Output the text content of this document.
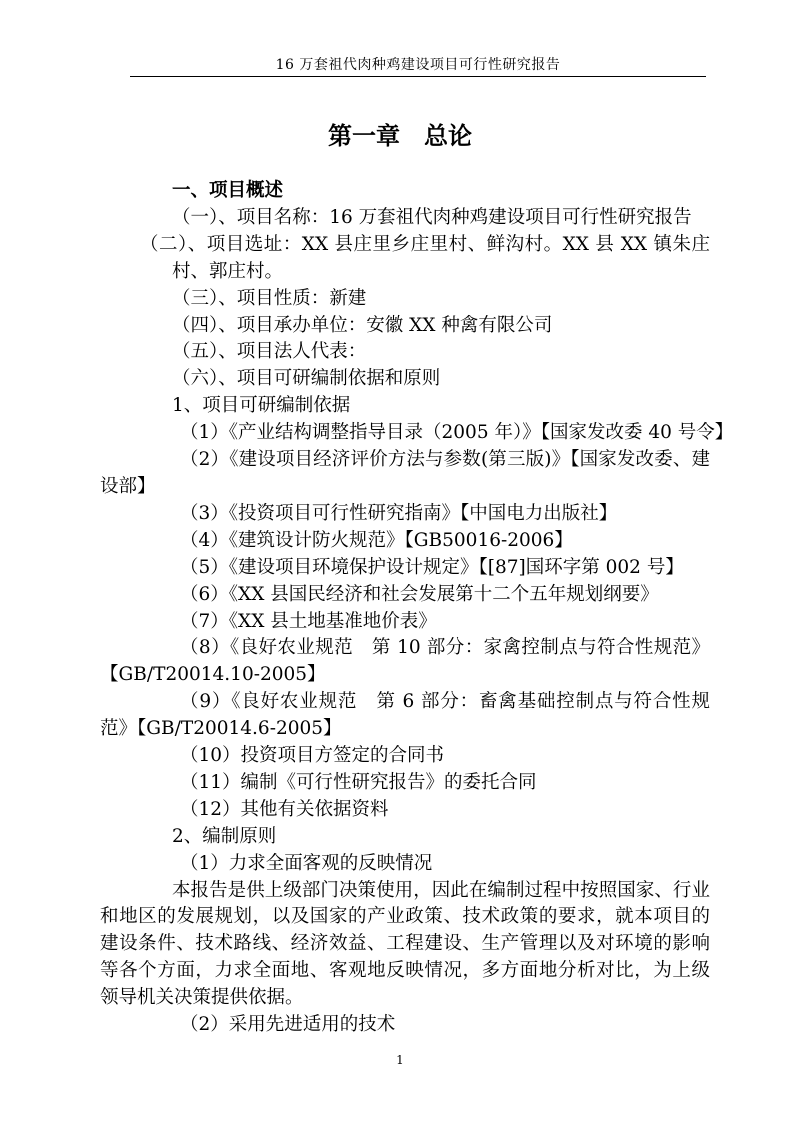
16 万套祖代肉种鸡建设项目可行性研究报告
第一章 总论

一、项目概述

（一）、项目名称：16 万套祖代肉种鸡建设项目可行性研究报告

（二）、项目选址：XX 县庄里乡庄里村、鲜沟村。XX 县 XX 镇朱庄村、郭庄村。

（三）、项目性质：新建

（四）、项目承办单位：安徽 XX 种禽有限公司

（五）、项目法人代表：

（六）、项目可研编制依据和原则

1、项目可研编制依据

（1）《产业结构调整指导目录（2005 年）》【国家发改委 40 号令】

（2）《建设项目经济评价方法与参数(第三版)》【国家发改委、建设部】

（3）《投资项目可行性研究指南》【中国电力出版社】

（4）《建筑设计防火规范》【GB50016-2006】

（5）《建设项目环境保护设计规定》【[87]国环字第 002 号】

（6）《XX 县国民经济和社会发展第十二个五年规划纲要》

（7）《XX 县土地基准地价表》

（8）《良好农业规范　第 10 部分：家禽控制点与符合性规范》【GB/T20014.10-2005】

（9）《良好农业规范　第 6 部分：畜禽基础控制点与符合性规范》【GB/T20014.6-2005】

（10）投资项目方签定的合同书

（11）编制《可行性研究报告》的委托合同

（12）其他有关依据资料

2、编制原则

（1）力求全面客观的反映情况

本报告是供上级部门决策使用，因此在编制过程中按照国家、行业和地区的发展规划，以及国家的产业政策、技术政策的要求，就本项目的建设条件、技术路线、经济效益、工程建设、生产管理以及对环境的影响等各个方面，力求全面地、客观地反映情况，多方面地分析对比，为上级领导机关决策提供依据。

（2）采用先进适用的技术

1
